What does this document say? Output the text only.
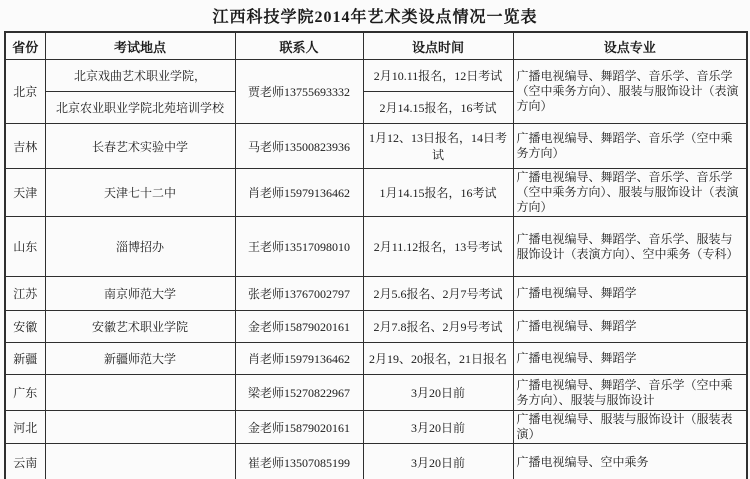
江西科技学院2014年艺术类设点情况一览表
省份	考试地点	联系人	设点时间	设点专业
北京	北京戏曲艺术职业学院，	贾老师13755693332	2月10.11报名，12日考试	广播电视编导、舞蹈学、音乐学、音乐学（空中乘务方向）、服装与服饰设计（表演方向）
	北京农业职业学院北苑培训学校		2月14.15报名，16考试	
吉林	长春艺术实验中学	马老师13500823936	1月12、13日报名，14日考试	广播电视编导、舞蹈学、音乐学（空中乘务方向）
天津	天津七十二中	肖老师15979136462	1月14.15报名，16考试	广播电视编导、舞蹈学、音乐学、音乐学（空中乘务方向）、服装与服饰设计（表演方向）
山东	淄博招办	王老师13517098010	2月11.12报名，13号考试	广播电视编导、舞蹈学、音乐学、服装与服饰设计（表演方向）、空中乘务（专科）
江苏	南京师范大学	张老师13767002797	2月5.6报名、2月7号考试	广播电视编导、舞蹈学
安徽	安徽艺术职业学院	金老师15879020161	2月7.8报名、2月9号考试	广播电视编导、舞蹈学
新疆	新疆师范大学	肖老师15979136462	2月19、20报名，21日报名	广播电视编导、舞蹈学
广东		梁老师15270822967	3月20日前	广播电视编导、舞蹈学、音乐学（空中乘务方向）、服装与服饰设计
河北		金老师15879020161	3月20日前	广播电视编导、服装与服饰设计（服装表演）
云南		崔老师13507085199	3月20日前	广播电视编导、空中乘务
